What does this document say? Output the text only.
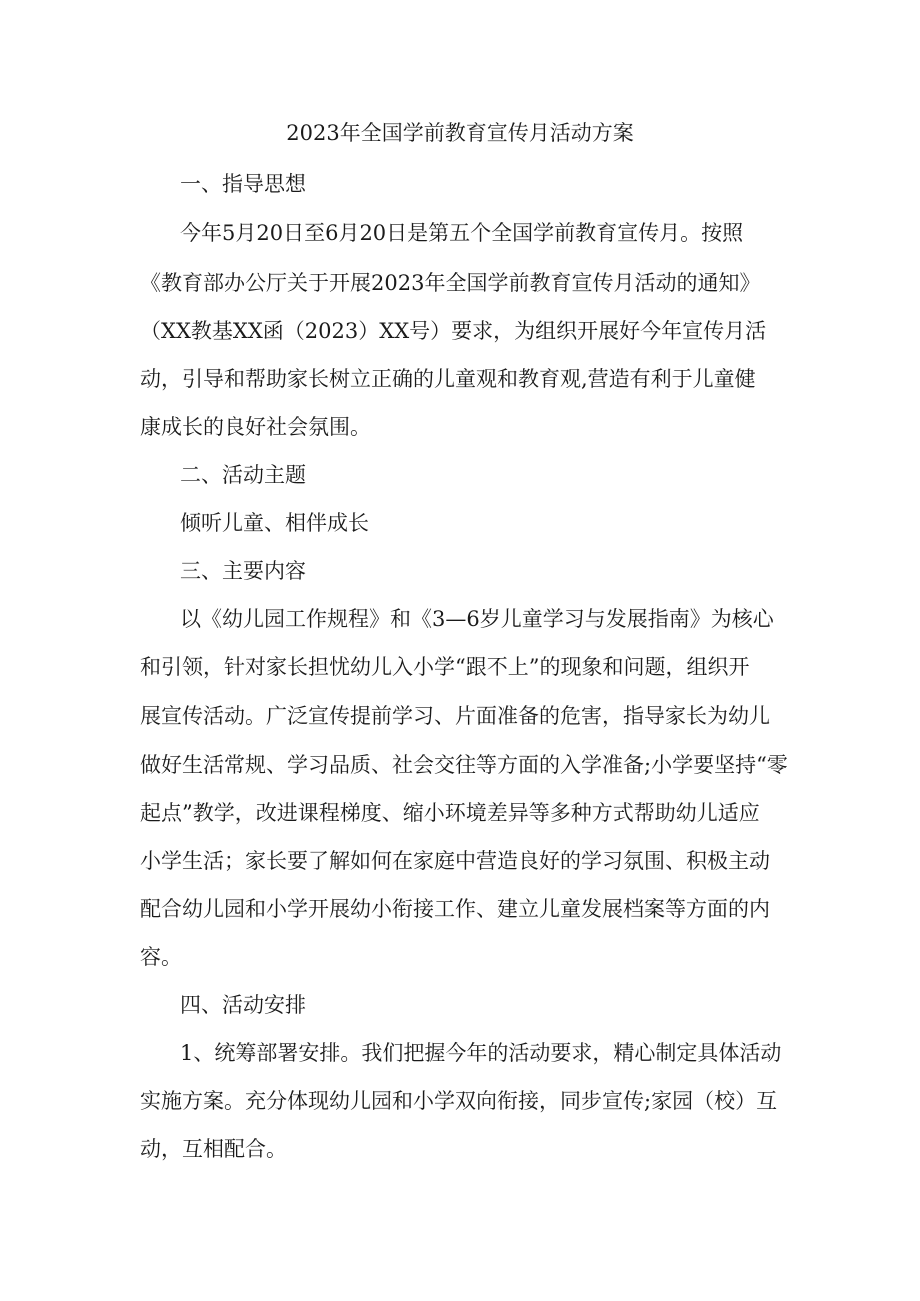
2023年全国学前教育宣传月活动方案
一、指导思想
今年5月20日至6月20日是第五个全国学前教育宣传月。按照
《教育部办公厅关于开展2023年全国学前教育宣传月活动的通知》
（XX教基XX函（2023）XX号）要求，为组织开展好今年宣传月活
动，引导和帮助家长树立正确的儿童观和教育观,营造有利于儿童健
康成长的良好社会氛围。
二、活动主题
倾听儿童、相伴成长
三、主要内容
以《幼儿园工作规程》和《3—6岁儿童学习与发展指南》为核心
和引领，针对家长担忧幼儿入小学“跟不上”的现象和问题，组织开
展宣传活动。广泛宣传提前学习、片面准备的危害，指导家长为幼儿
做好生活常规、学习品质、社会交往等方面的入学准备;小学要坚持“零
起点”教学，改进课程梯度、缩小环境差异等多种方式帮助幼儿适应
小学生活；家长要了解如何在家庭中营造良好的学习氛围、积极主动
配合幼儿园和小学开展幼小衔接工作、建立儿童发展档案等方面的内
容。
四、活动安排
1、统筹部署安排。我们把握今年的活动要求，精心制定具体活动
实施方案。充分体现幼儿园和小学双向衔接，同步宣传;家园（校）互
动，互相配合。
